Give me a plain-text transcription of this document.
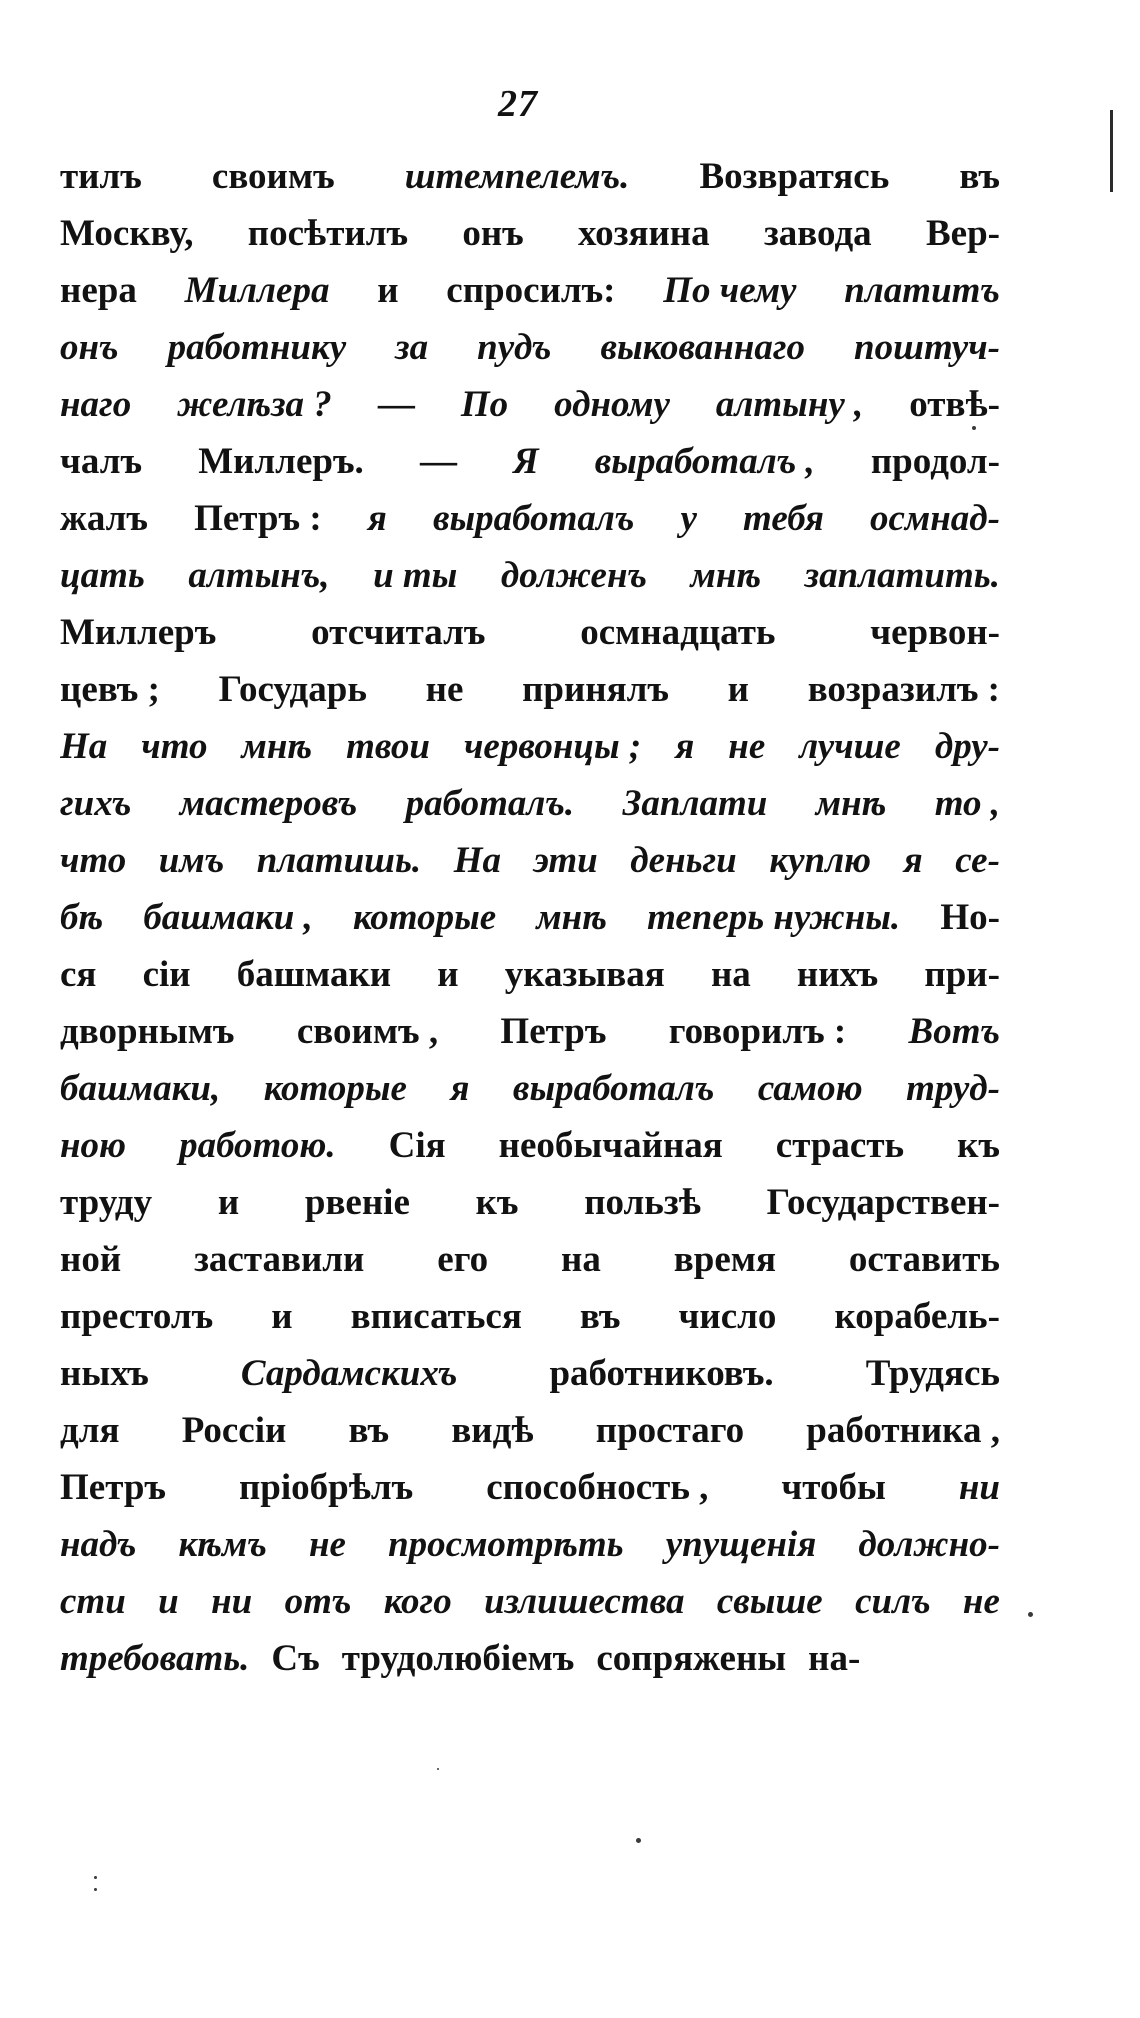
27
тилъ своимъ штемпелемъ. Возвратясь въ
Москву, посѣтилъ онъ хозяина завода Вер-
нера Миллера и спросилъ: По чему платитъ
онъ работнику за пудъ выкованнаго поштуч-
наго желѣза ? — По одному алтыну , отвѣ-
чалъ Миллеръ. — Я выработалъ , продол-
жалъ Петръ : я выработалъ у тебя осмнад-
цать алтынъ, и ты долженъ мнѣ заплатить.
Миллеръ	отсчиталъ	осмнадцать	червон-
цевъ ; Государь не принялъ и возразилъ :
На что мнѣ твои червонцы ; я не лучше дру-
гихъ мастеровъ работалъ. Заплати мнѣ то ,
что имъ платишь. На эти деньги куплю я се-
бѣ башмаки , которые мнѣ теперь нужны. Но-
ся сіи башмаки и указывая на нихъ при-
дворнымъ своимъ , Петръ говорилъ : Вотъ
башмаки, которые я выработалъ самою труд-
ною работою. Сія необычайная страсть къ
труду и рвеніе къ пользѣ Государствен-
ной заставили его на время оставить
престолъ и вписаться въ число корабель-
ныхъ Сардамскихъ работниковъ. Трудясь
для Россіи въ видѣ простаго работника ,
Петръ пріобрѣлъ способность , чтобы ни
надъ кѣмъ не просмотрѣть упущенія должно-
сти и ни отъ кого излишества свыше силъ не
требовать. Съ трудолюбіемъ сопряжены на-
